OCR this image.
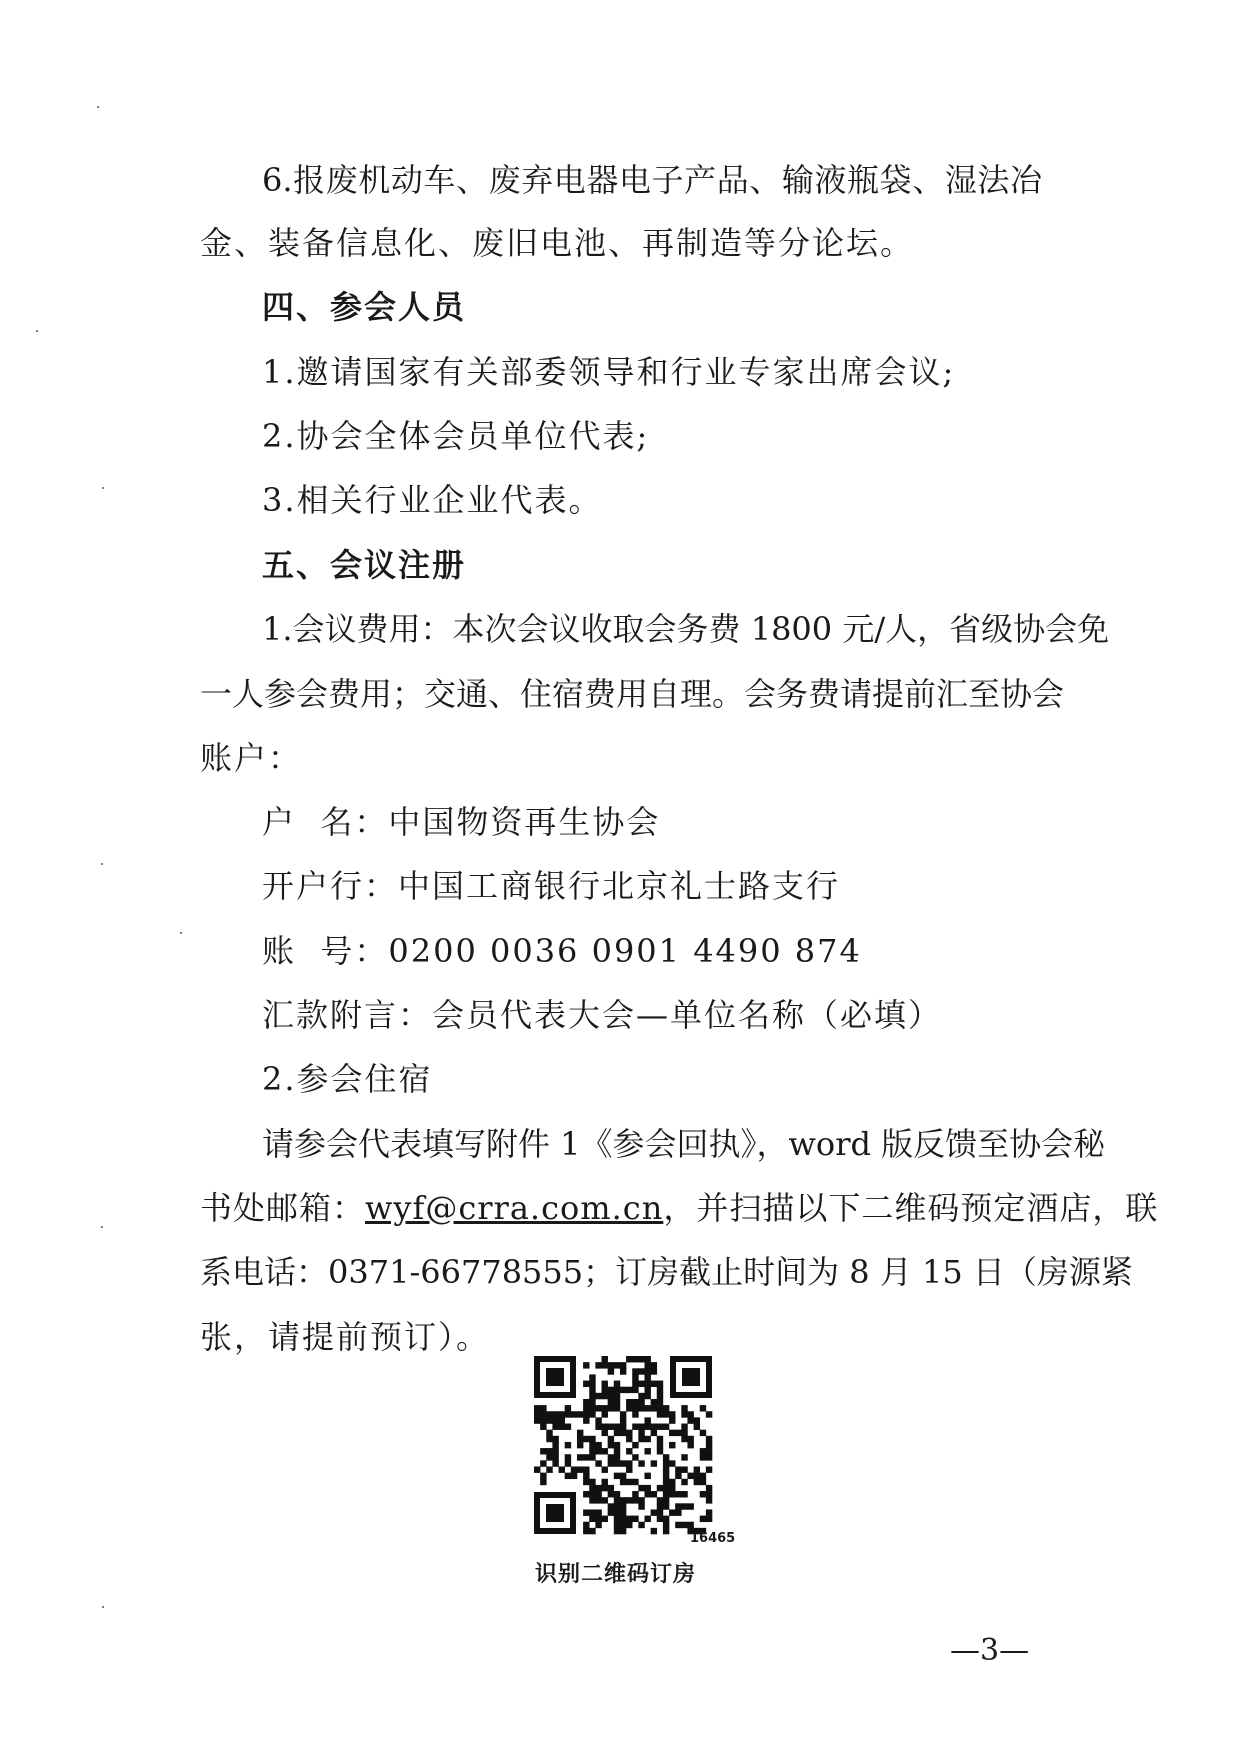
6.报废机动车、废弃电器电子产品、输液瓶袋、湿法冶
金、装备信息化、废旧电池、再制造等分论坛。
四、参会人员
1.邀请国家有关部委领导和行业专家出席会议;
2.协会全体会员单位代表;
3.相关行业企业代表。
五、会议注册
1.会议费用：本次会议收取会务费 1800 元/人，省级协会免
一人参会费用；交通、住宿费用自理。会务费请提前汇至协会
账户：
户  名：中国物资再生协会
开户行：中国工商银行北京礼士路支行
账  号：0200 0036 0901 4490 874
汇款附言：会员代表大会—单位名称（必填）
2.参会住宿
请参会代表填写附件 1《参会回执》，word 版反馈至协会秘
书处邮箱：wyf@crra.com.cn，并扫描以下二维码预定酒店，联
系电话：0371-66778555；订房截止时间为 8 月 15 日（房源紧
张，请提前预订）。
16465
识别二维码订房
—3—
